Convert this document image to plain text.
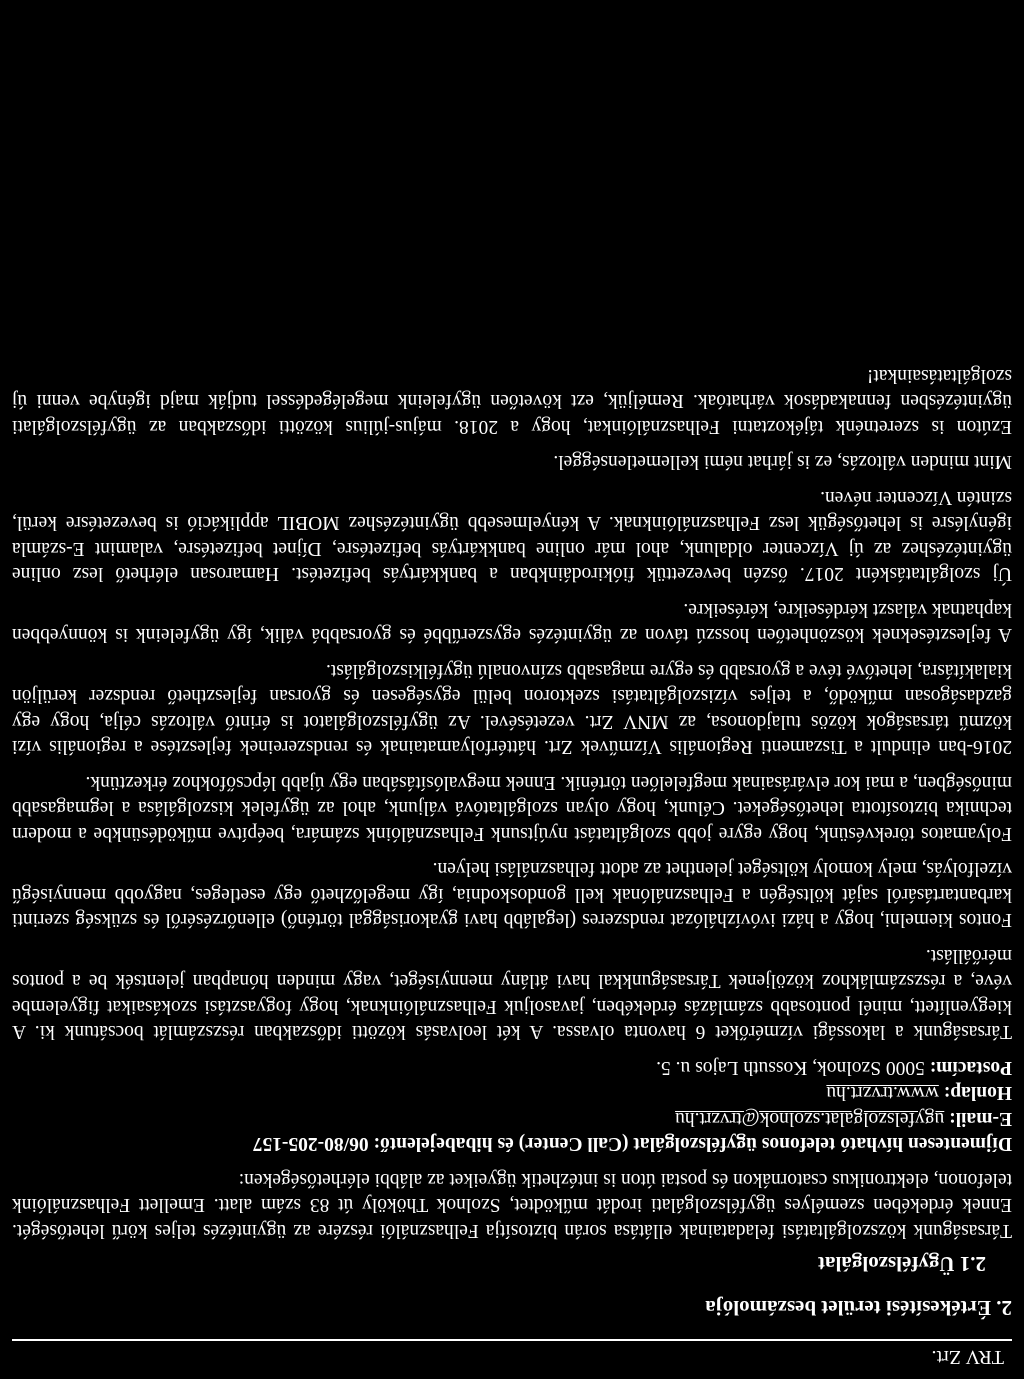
TRV Zrt.
2. Értékesítési terület beszámolója
2.1 Ügyfélszolgálat

Társaságunk közszolgáltatási feladatainak ellátása során biztosítja Felhasználói részére az ügyintézés teljes körű lehetőségét. Ennek érdekében személyes ügyfélszolgálati irodát működtet, Szolnok Thököly út 83 szám alatt. Emellett Felhasználóink telefonon, elektronikus csatornákon és postai úton is intézhetik ügyeiket az alábbi elérhetőségeken:

Díjmentesen hívható telefonos ügyfélszolgálat (Call Center) és hibabejelentő: 06/80-205-157
E-mail: ugyfelszolgalat.szolnok@trvzrt.hu
Honlap: www.trvzrt.hu
Postacím: 5000 Szolnok, Kossuth Lajos u. 5.

Társaságunk a lakossági vízmérőket 6 havonta olvassa. A két leolvasás közötti időszakban részszámlát bocsátunk ki. A kiegyenlített, minél pontosabb számlázás érdekében, javasoljuk Felhasználóinknak, hogy fogyasztási szokásaikat figyelembe véve, a részszámlákhoz közöljenek Társaságunkkal havi átlány mennyiséget, vagy minden hónapban jelentsék be a pontos mérőállást.

Fontos kiemelni, hogy a házi ivóvízhálózat rendszeres (legalább havi gyakorisággal történő) ellenőrzéséről és szükség szerinti karbantartásáról saját költségén a Felhasználónak kell gondoskodnia, így megelőzhető egy esetleges, nagyobb mennyiségű vízelfolyás, mely komoly költséget jelenthet az adott felhasználási helyen.

Folyamatos törekvésünk, hogy egyre jobb szolgáltatást nyújtsunk Felhasználóink számára, beépítve működésünkbe a modern technika biztosította lehetőségeket. Célunk, hogy olyan szolgáltatóvá váljunk, ahol az ügyfelek kiszolgálása a legmagasabb minőségben, a mai kor elvárásainak megfelelően történik. Ennek megvalósításában egy újabb lépcsőfokhoz érkeztünk.

2016-ban elindult a Tiszamenti Regionális Vízművek Zrt. háttérfolyamatainak és rendszereinek fejlesztése a regionális vízi közmű társaságok közös tulajdonosa, az MNV Zrt. vezetésével. Az ügyfélszolgálatot is érintő változás célja, hogy egy gazdaságosan működő, a teljes víziszolgáltatási szektoron belül egységesen és gyorsan fejleszthető rendszer kerüljön kialakításra, lehetővé téve a gyorsabb és egyre magasabb színvonalú ügyfélkiszolgálást.

A fejlesztéseknek köszönhetően hosszú távon az ügyintézés egyszerűbbé és gyorsabbá válik, így ügyfeleink is könnyebben kaphatnak választ kérdéseikre, kéréseikre.

Új szolgáltatásként 2017. őszén bevezettük fiókirodáinkban a bankkártyás befizetést. Hamarosan elérhető lesz online ügyintézéshez az új Vízcenter oldalunk, ahol már online bankkártyás befizetésre, Díjnet befizetésre, valamint E-számla igénylésre is lehetőségük lesz Felhasználóinknak. A kényelmesebb ügyintézéshez MOBIL applikáció is bevezetésre kerül, szintén Vízcenter néven.

Mint minden változás, ez is járhat némi kellemetlenséggel.

Ezúton is szeretnénk tájékoztatni Felhasználóinkat, hogy a 2018. május-július közötti időszakban az ügyfélszolgálati ügyintézésben fennakadások várhatóak. Reméljük, ezt követően ügyfeleink megelégedéssel tudják majd igénybe venni új szolgáltatásainkat!
